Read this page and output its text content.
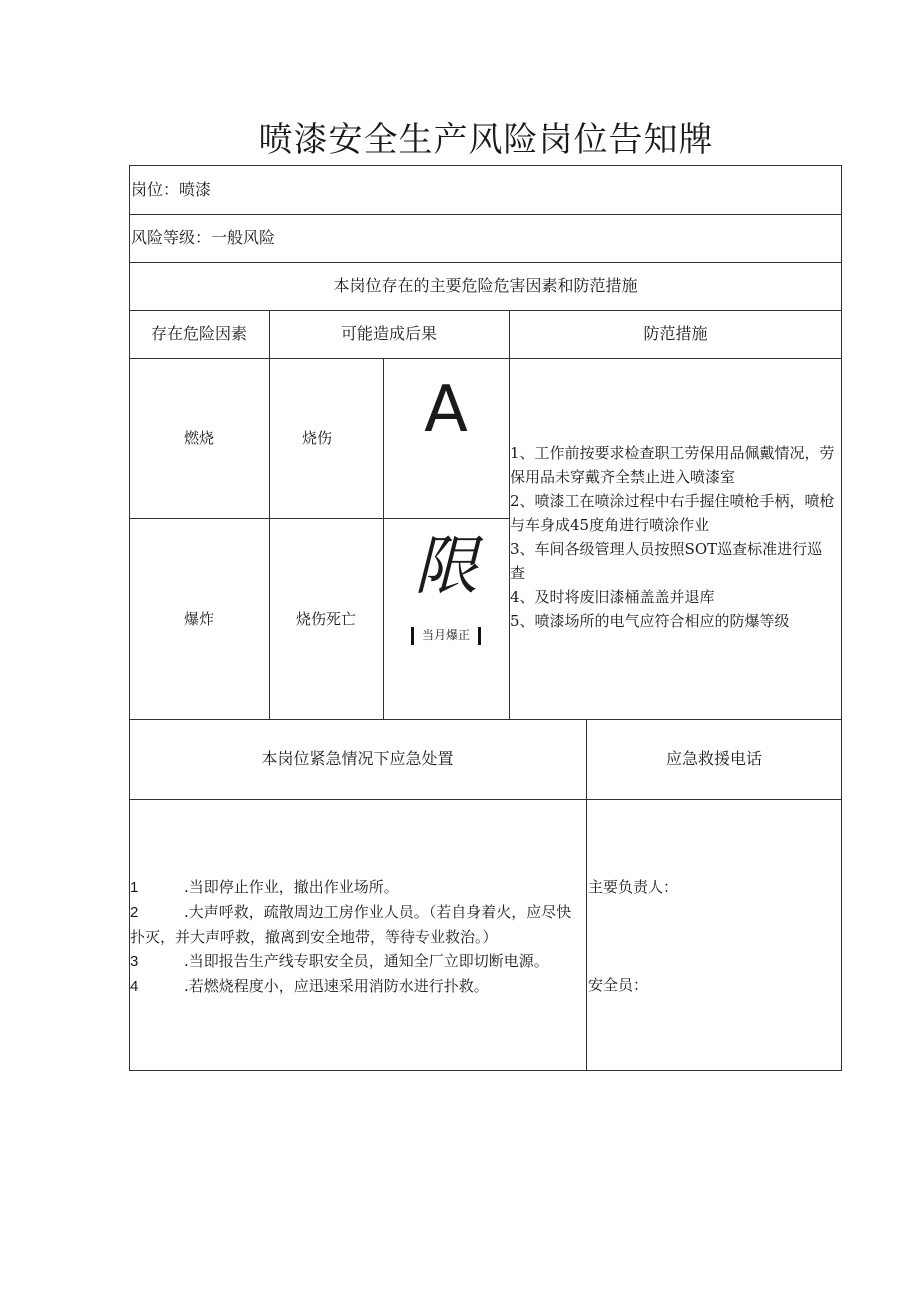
喷漆安全生产风险岗位告知牌
岗位：喷漆
风险等级：一般风险
本岗位存在的主要危险危害因素和防范措施
存在危险因素	可能造成后果	防范措施
燃烧	烧伤
爆炸	烧伤死亡
A
限
当月爆正
1、工作前按要求检查职工劳保用品佩戴情况，劳保用品未穿戴齐全禁止进入喷漆室
2、喷漆工在喷涂过程中右手握住喷枪手柄，喷枪与车身成45度角进行喷涂作业
3、车间各级管理人员按照SOT巡查标准进行巡查
4、及时将废旧漆桶盖盖并退库
5、喷漆场所的电气应符合相应的防爆等级
本岗位紧急情况下应急处置	应急救援电话
1	.当即停止作业，撤出作业场所。
2	.大声呼救，疏散周边工房作业人员。（若自身着火，应尽快扑灭，并大声呼救，撤离到安全地带，等待专业救治。）
3	.当即报告生产线专职安全员，通知全厂立即切断电源。
4	.若燃烧程度小，应迅速采用消防水进行扑救。
主要负责人：
安全员：
